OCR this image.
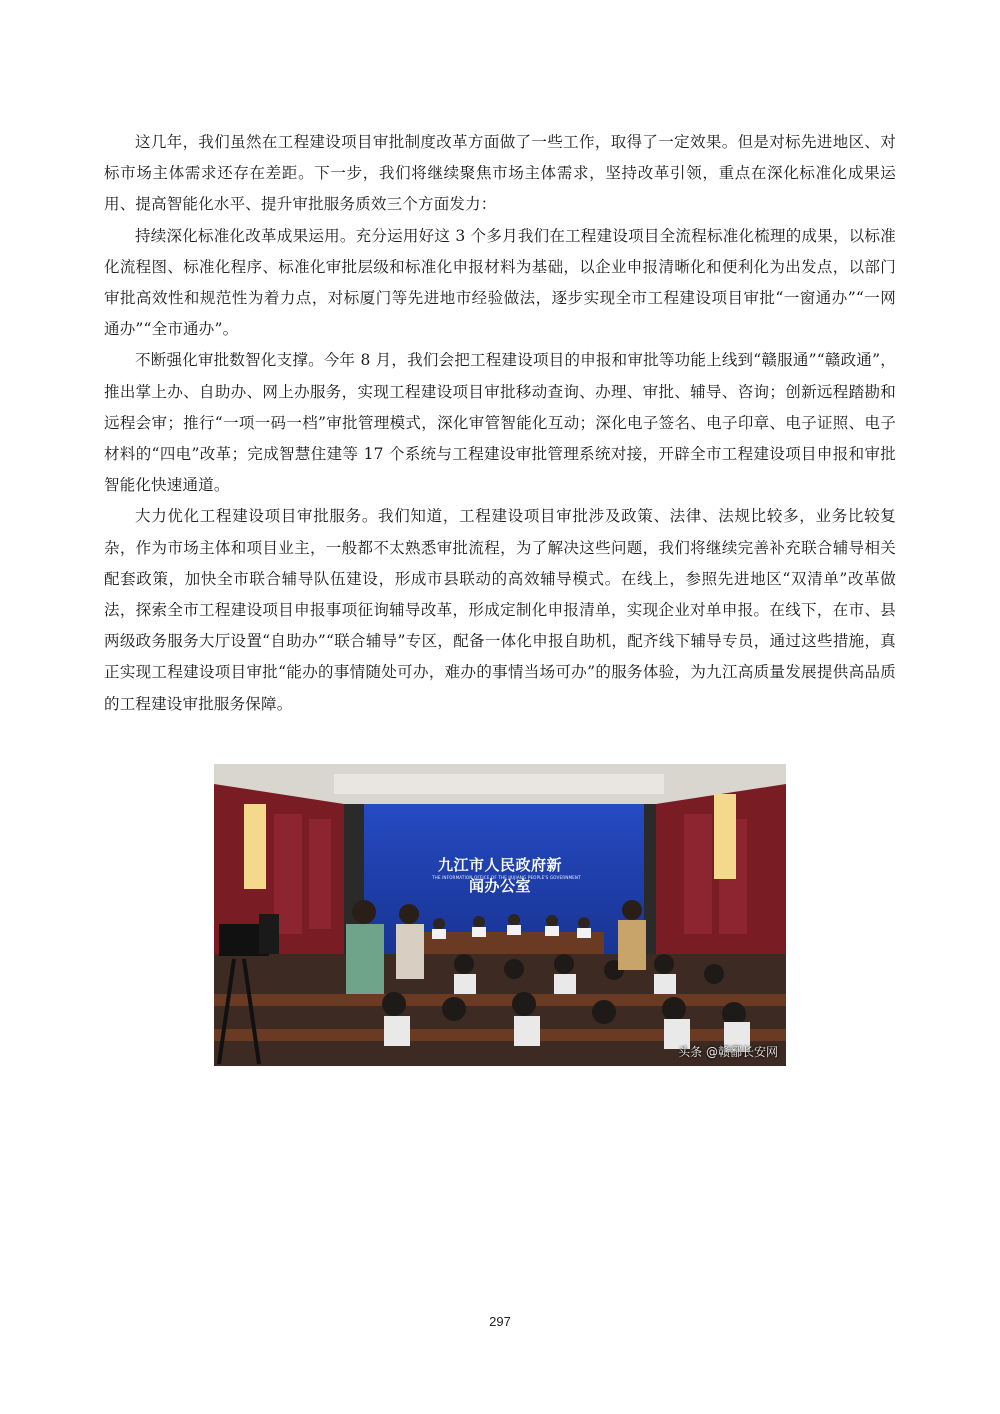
这几年，我们虽然在工程建设项目审批制度改革方面做了一些工作，取得了一定效果。但是对标先进地区、对标市场主体需求还存在差距。下一步，我们将继续聚焦市场主体需求，坚持改革引领，重点在深化标准化成果运用、提高智能化水平、提升审批服务质效三个方面发力：

持续深化标准化改革成果运用。充分运用好这 3 个多月我们在工程建设项目全流程标准化梳理的成果，以标准化流程图、标准化程序、标准化审批层级和标准化申报材料为基础，以企业申报清晰化和便利化为出发点，以部门审批高效性和规范性为着力点，对标厦门等先进地市经验做法，逐步实现全市工程建设项目审批“一窗通办”“一网通办”“全市通办”。

不断强化审批数智化支撑。今年 8 月，我们会把工程建设项目的申报和审批等功能上线到“赣服通”“赣政通”，推出掌上办、自助办、网上办服务，实现工程建设项目审批移动查询、办理、审批、辅导、咨询；创新远程踏勘和远程会审；推行“一项一码一档”审批管理模式，深化审管智能化互动；深化电子签名、电子印章、电子证照、电子材料的“四电”改革；完成智慧住建等 17 个系统与工程建设审批管理系统对接，开辟全市工程建设项目申报和审批智能化快速通道。

大力优化工程建设项目审批服务。我们知道，工程建设项目审批涉及政策、法律、法规比较多，业务比较复杂，作为市场主体和项目业主，一般都不太熟悉审批流程，为了解决这些问题，我们将继续完善补充联合辅导相关配套政策，加快全市联合辅导队伍建设，形成市县联动的高效辅导模式。在线上，参照先进地区“双清单”改革做法，探索全市工程建设项目申报事项征询辅导改革，形成定制化申报清单，实现企业对单申报。在线下，在市、县两级政务服务大厅设置“自助办”“联合辅导”专区，配备一体化申报自助机，配齐线下辅导专员，通过这些措施，真正实现工程建设项目审批“能办的事情随处可办，难办的事情当场可办”的服务体验，为九江高质量发展提供高品质的工程建设审批服务保障。

九江市人民政府新闻办公室
THE INFORMATION OFFICE OF THE JIUJIANG PEOPLE'S GOVERNMENT
头条 @赣鄱长安网
297
